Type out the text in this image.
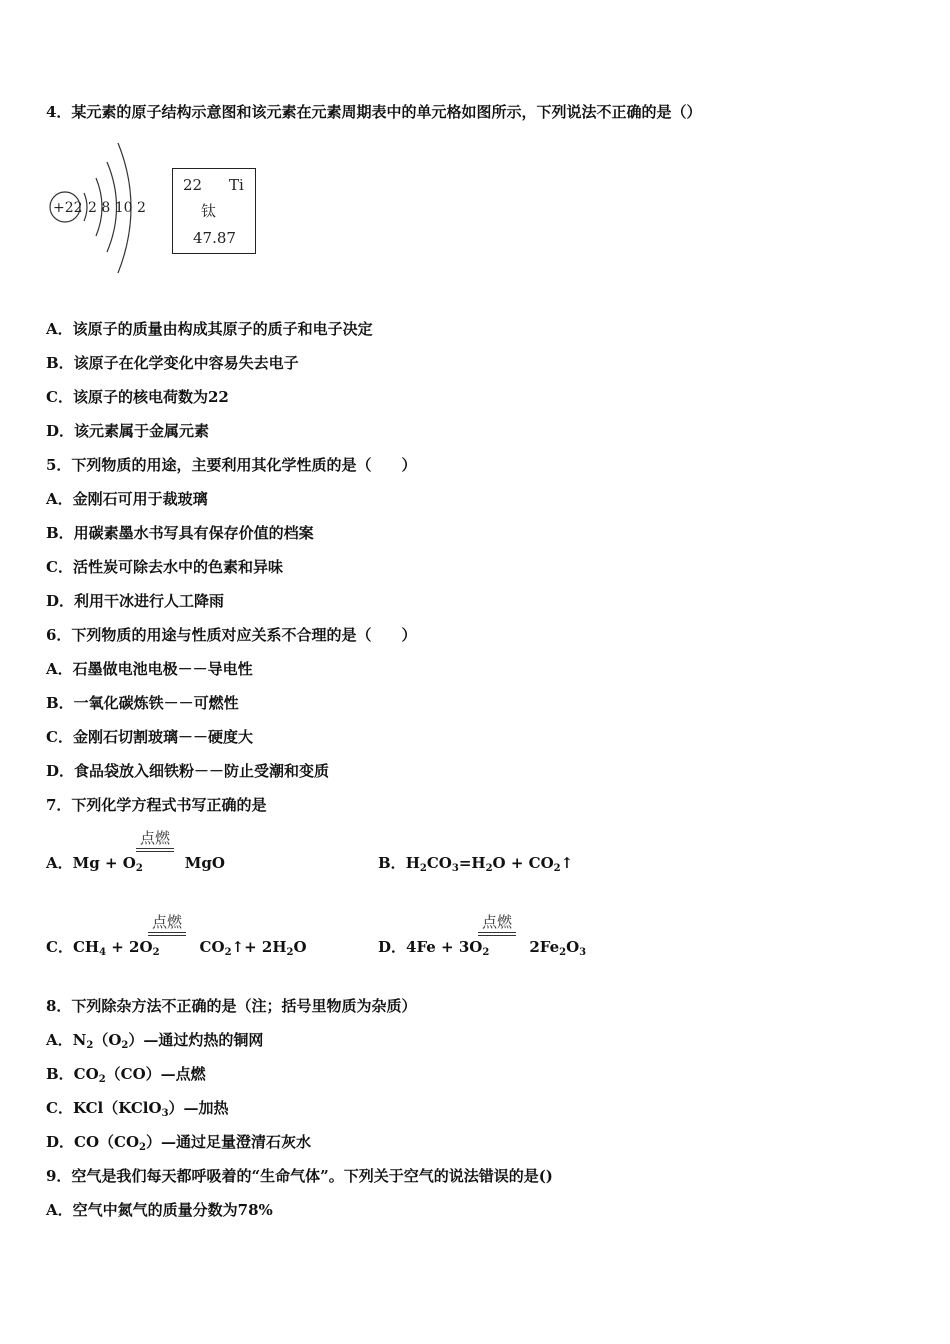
4．某元素的原子结构示意图和该元素在元素周期表中的单元格如图所示，下列说法不正确的是（）
+22 2 8 10 2
22 Ti
钛
47.87
A．该原子的质量由构成其原子的质子和电子决定
B．该原子在化学变化中容易失去电子
C．该原子的核电荷数为22
D．该元素属于金属元素
5．下列物质的用途，主要利用其化学性质的是（　　）
A．金刚石可用于裁玻璃
B．用碳素墨水书写具有保存价值的档案
C．活性炭可除去水中的色素和异味
D．利用干冰进行人工降雨
6．下列物质的用途与性质对应关系不合理的是（　　）
A．石墨做电池电极－－导电性
B．一氧化碳炼铁－－可燃性
C．金刚石切割玻璃－－硬度大
D．食品袋放入细铁粉－－防止受潮和变质
7．下列化学方程式书写正确的是
A．$Mg + O_2$	MgO
点燃
B．$H_2CO_3=H_2O$ + $CO_2↑$
C．$CH_4 + 2O_2$	$CO_2↑+ 2H_2O$
点燃
D．$4Fe + 3O_2$	$2Fe_2O_3$
点燃
8．下列除杂方法不正确的是（注；括号里物质为杂质）
A．$N_2(O_2)—$通过灼热的铜网
B．$CO_2(CO)—$点燃
C．KCl（KClO$_3$）—加热
D．$CO(CO_2)—$通过足量澄清石灰水
9．空气是我们每天都呼吸着的“生命气体”。下列关于空气的说法错误的是()
A．空气中氮气的质量分数为78%
